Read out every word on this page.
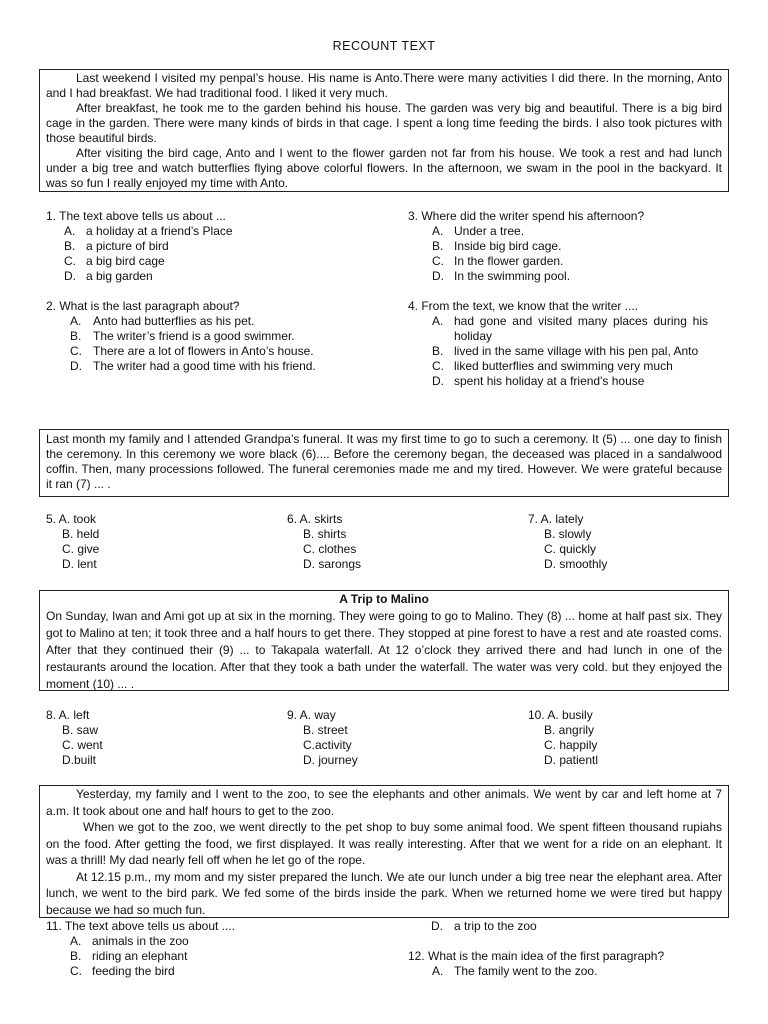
RECOUNT TEXT

Last weekend I visited my penpal’s house. His name is Anto.There were many activities I did there. In the morning, Anto and I had breakfast. We had traditional food. I liked it very much.

After breakfast, he took me to the garden behind his house. The garden was very big and beautiful. There is a big bird cage in the garden. There were many kinds of birds in that cage. I spent a long time feeding the birds. I also took pictures with those beautiful birds.

After visiting the bird cage, Anto and I went to the flower garden not far from his house. We took a rest and had lunch under a big tree and watch butterflies flying above colorful flowers. In the afternoon, we swam in the pool in the backyard. It was so fun I really enjoyed my time with Anto.

1. The text above tells us about ...
A. a holiday at a friend’s Place
B. a picture of bird
C. a big bird cage
D. a big garden
2. What is the last paragraph about?
A. Anto had butterflies as his pet.
B. The writer’s friend is a good swimmer.
C. There are a lot of flowers in Anto’s house.
D. The writer had a good time with his friend.
3. Where did the writer spend his afternoon?
A. Under a tree.
B. Inside big bird cage.
C. In the flower garden.
D. In the swimming pool.
4. From the text, we know that the writer ....
A. had gone and visited many places during his holiday
B. lived in the same village with his pen pal, Anto
C. liked butterflies and swimming very much
D. spent his holiday at a friend's house

Last month my family and I attended Grandpa’s funeral. It was my first time to go to such a ceremony. It (5) ... one day to finish the ceremony. In this ceremony we wore black (6).... Before the ceremony began, the deceased was placed in a sandalwood coffin. Then, many processions followed. The funeral ceremonies made me and my tired. However. We were grateful because it ran (7) ... .

5. A. took
B. held
C. give
D. lent
6. A. skirts
B. shirts
C. clothes
D. sarongs
7. A. lately
B. slowly
C. quickly
D. smoothly
A Trip to Malino

On Sunday, Iwan and Ami got up at six in the morning. They were going to go to Malino. They (8) ... home at half past six. They got to Malino at ten; it took three and a half hours to get there. They stopped at pine forest to have a rest and ate roasted coms. After that they continued their (9) ... to Takapala waterfall. At 12 o’clock they arrived there and had lunch in one of the restaurants around the location. After that they took a bath under the waterfall. The water was very cold. but they enjoyed the moment (10) ... .

8. A. left
B. saw
C. went
D.built
9. A. way
B. street
C.activity
D. journey
10. A. busily
B. angrily
C. happily
D. patientl

Yesterday, my family and I went to the zoo, to see the elephants and other animals. We went by car and left home at 7 a.m. It took about one and half hours to get to the zoo.

When we got to the zoo, we went directly to the pet shop to buy some animal food. We spent fifteen thousand rupiahs on the food. After getting the food, we first displayed. It was really interesting. After that we went for a ride on an elephant. It was a thrill! My dad nearly fell off when he let go of the rope.

At 12.15 p.m., my mom and my sister prepared the lunch. We ate our lunch under a big tree near the elephant area. After lunch, we went to the bird park. We fed some of the birds inside the park. When we returned home we were tired but happy because we had so much fun.

11. The text above tells us about ....
A. animals in the zoo
B. riding an elephant
C. feeding the bird
D. a trip to the zoo
12. What is the main idea of the first paragraph?
A. The family went to the zoo.
